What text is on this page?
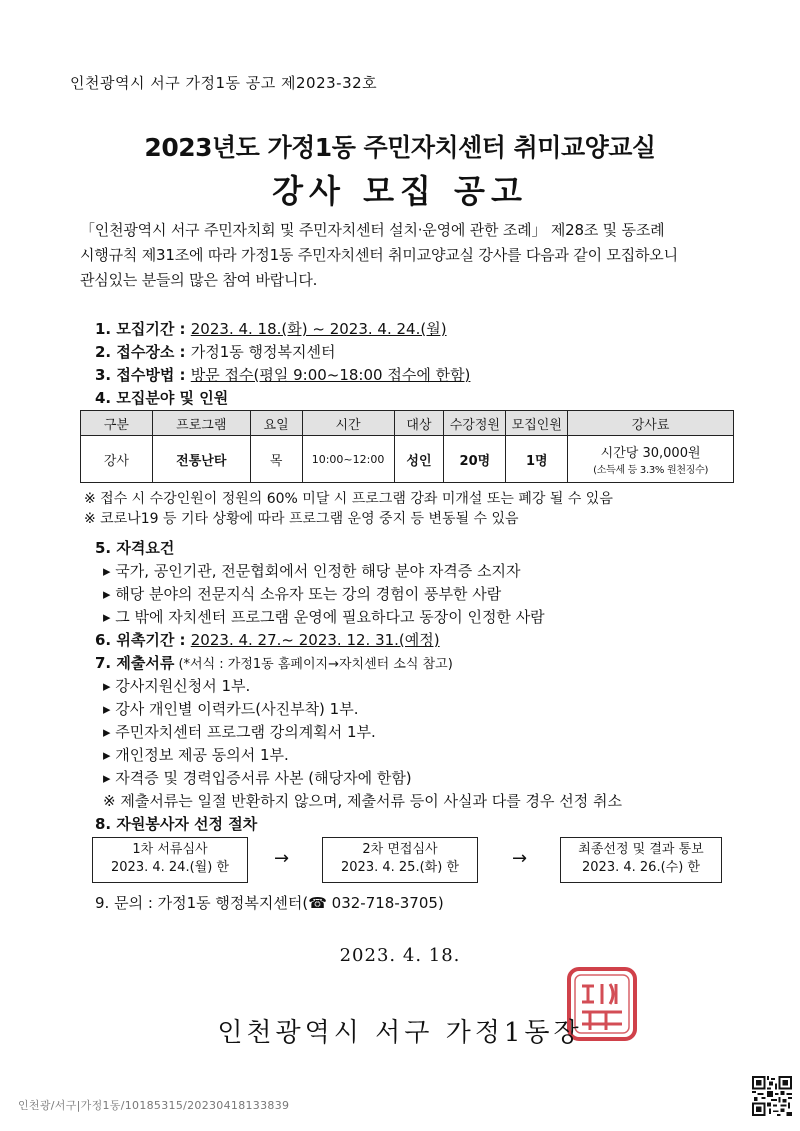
인천광역시 서구 가정1동 공고 제2023-32호
2023년도 가정1동 주민자치센터 취미교양교실
강사 모집 공고
「인천광역시 서구 주민자치회 및 주민자치센터 설치·운영에 관한 조례」 제28조 및 동조례
시행규칙 제31조에 따라 가정1동 주민자치센터 취미교양교실 강사를 다음과 같이 모집하오니
관심있는 분들의 많은 참여 바랍니다.
1. 모집기간 : 2023. 4. 18.(화) ~ 2023. 4. 24.(월)
2. 접수장소 : 가정1동 행정복지센터
3. 접수방법 : 방문 접수(평일 9:00~18:00 접수에 한함)
4. 모집분야 및 인원
구분	프로그램	요일	시간	대상	수강정원	모집인원	강사료
강사	전통난타	목	10:00~12:00	성인	20명	1명	시간당 30,000원
(소득세 등 3.3% 원천징수)
※ 접수 시 수강인원이 정원의 60% 미달 시 프로그램 강좌 미개설 또는 폐강 될 수 있음
※ 코로나19 등 기타 상황에 따라 프로그램 운영 중지 등 변동될 수 있음
5. 자격요건
▸ 국가, 공인기관, 전문협회에서 인정한 해당 분야 자격증 소지자
▸ 해당 분야의 전문지식 소유자 또는 강의 경험이 풍부한 사람
▸ 그 밖에 자치센터 프로그램 운영에 필요하다고 동장이 인정한 사람
6. 위촉기간 : 2023. 4. 27.~ 2023. 12. 31.(예정)
7. 제출서류 (*서식 : 가정1동 홈페이지→자치센터 소식 참고)
▸ 강사지원신청서 1부.
▸ 강사 개인별 이력카드(사진부착) 1부.
▸ 주민자치센터 프로그램 강의계획서 1부.
▸ 개인정보 제공 동의서 1부.
▸ 자격증 및 경력입증서류 사본 (해당자에 한함)
※ 제출서류는 일절 반환하지 않으며, 제출서류 등이 사실과 다를 경우 선정 취소
8. 자원봉사자 선정 절차
1차 서류심사
2023. 4. 24.(월) 한	→	2차 면접심사
2023. 4. 25.(화) 한	→	최종선정 및 결과 통보
2023. 4. 26.(수) 한
9. 문의 : 가정1동 행정복지센터(☎ 032-718-3705)
2023. 4. 18.
인천광역시 서구 가정1동장
인천광/서구|가정1동/10185315/20230418133839
